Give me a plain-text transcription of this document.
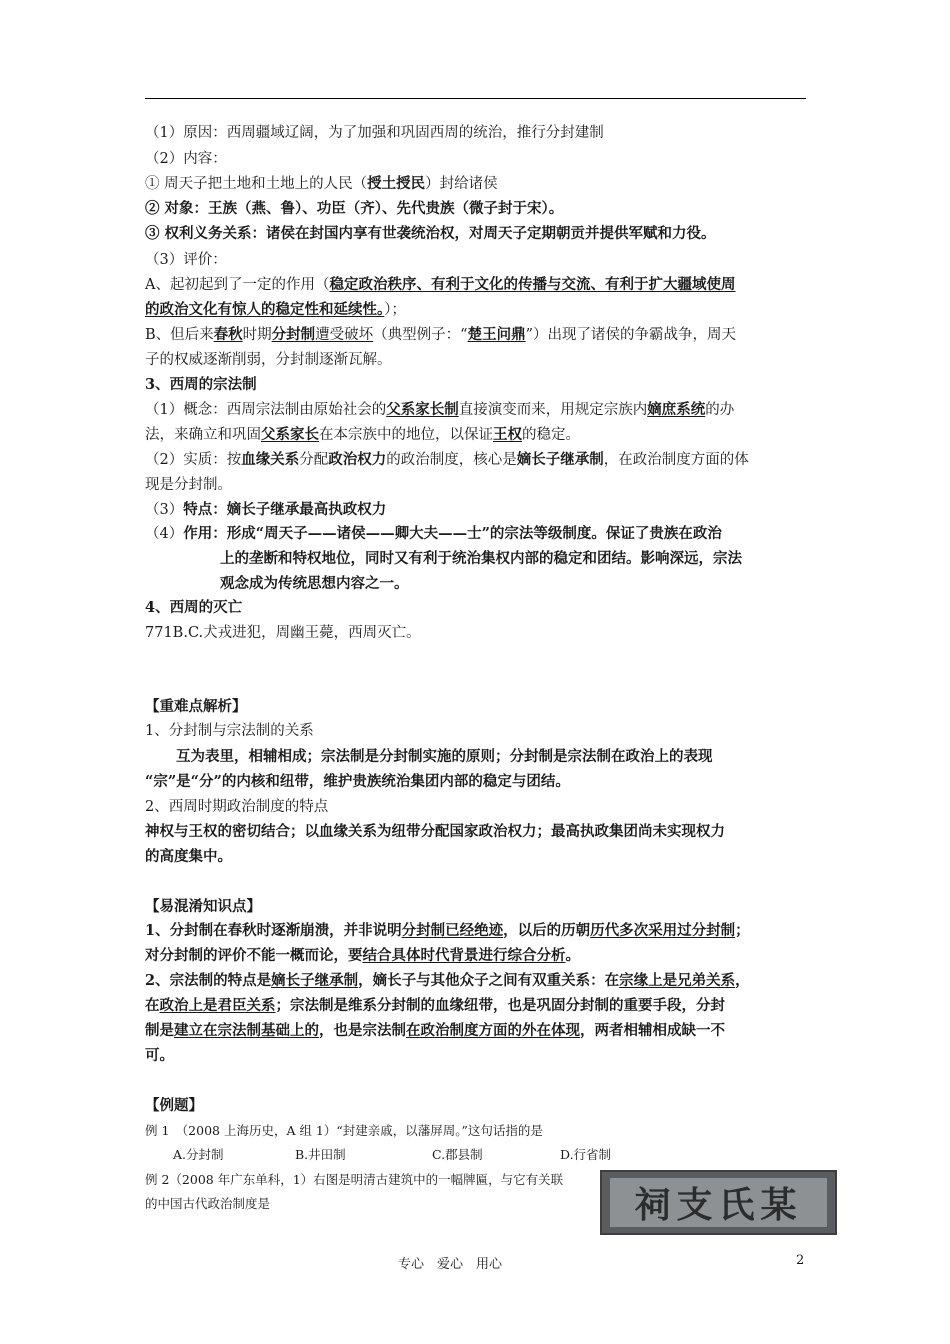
（1）原因：西周疆域辽阔，为了加强和巩固西周的统治，推行分封建制
（2）内容：
① 周天子把土地和土地上的人民（授土授民）封给诸侯
② 对象：王族（燕、鲁）、功臣（齐）、先代贵族（微子封于宋）。
③ 权利义务关系：诸侯在封国内享有世袭统治权，对周天子定期朝贡并提供军赋和力役。
（3）评价：
A、起初起到了一定的作用（稳定政治秩序、有利于文化的传播与交流、有利于扩大疆域使周
的政治文化有惊人的稳定性和延续性。）；
B、但后来春秋时期分封制遭受破坏（典型例子：“楚王问鼎”）出现了诸侯的争霸战争，周天
子的权威逐渐削弱，分封制逐渐瓦解。
3、西周的宗法制
（1）概念：西周宗法制由原始社会的父系家长制直接演变而来，用规定宗族内嫡庶系统的办
法，来确立和巩固父系家长在本宗族中的地位，以保证王权的稳定。
（2）实质：按血缘关系分配政治权力的政治制度，核心是嫡长子继承制，在政治制度方面的体
现是分封制。
（3）特点：嫡长子继承最高执政权力
（4）作用：形成“周天子——诸侯——卿大夫——士”的宗法等级制度。保证了贵族在政治
上的垄断和特权地位，同时又有利于统治集权内部的稳定和团结。影响深远，宗法
观念成为传统思想内容之一。
4、西周的灭亡
771B.C.犬戎进犯，周幽王薨，西周灭亡。
【重难点解析】
1、分封制与宗法制的关系
互为表里，相辅相成；宗法制是分封制实施的原则；分封制是宗法制在政治上的表现
“宗”是“分”的内核和纽带，维护贵族统治集团内部的稳定与团结。
2、西周时期政治制度的特点
神权与王权的密切结合；以血缘关系为纽带分配国家政治权力；最高执政集团尚未实现权力
的高度集中。
【易混淆知识点】
1、分封制在春秋时逐渐崩溃，并非说明分封制已经绝迹，以后的历朝历代多次采用过分封制；
对分封制的评价不能一概而论，要结合具体时代背景进行综合分析。
2、宗法制的特点是嫡长子继承制，嫡长子与其他众子之间有双重关系：在宗缘上是兄弟关系，
在政治上是君臣关系；宗法制是维系分封制的血缘纽带，也是巩固分封制的重要手段，分封
制是建立在宗法制基础上的，也是宗法制在政治制度方面的外在体现，两者相辅相成缺一不
可。
【例题】
例 1　（2008 上海历史，A 组 1）“封建亲戚，以藩屏周。”这句话指的是
A.分封制	B.井田制	C.郡县制	D.行省制
例 2（2008 年广东单科，1）右图是明清古建筑中的一幅牌匾，与它有关联
的中国古代政治制度是	祠支氏某
专心　爱心　用心	2
